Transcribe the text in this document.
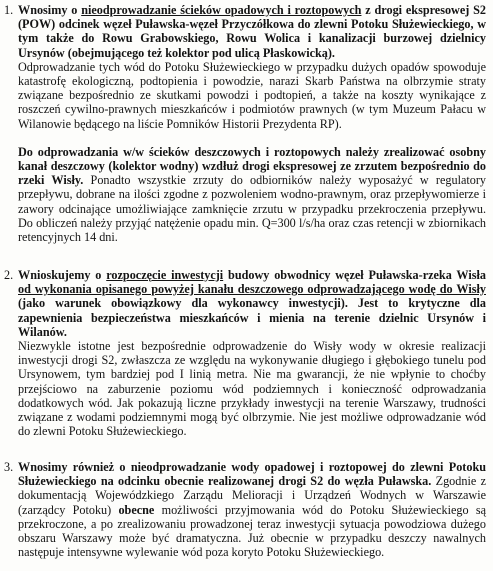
1. Wnosimy o nieodprowadzanie ścieków opadowych i roztopowych z drogi ekspresowej S2 (POW) odcinek węzeł Puławska-węzeł Przyczółkowa do zlewni Potoku Służewieckiego, w tym także do Rowu Grabowskiego, Rowu Wolica i kanalizacji burzowej dzielnicy Ursynów (obejmującego też kolektor pod ulicą Płaskowicką).
Odprowadzanie tych wód do Potoku Służewieckiego w przypadku dużych opadów spowoduje katastrofę ekologiczną, podtopienia i powodzie, narazi Skarb Państwa na olbrzymie straty związane bezpośrednio ze skutkami powodzi i podtopień, a także na koszty wynikające z roszczeń cywilno-prawnych mieszkańców i podmiotów prawnych (w tym Muzeum Pałacu w Wilanowie będącego na liście Pomników Historii Prezydenta RP).
Do odprowadzania w/w ścieków deszczowych i roztopowych należy zrealizować osobny kanał deszczowy (kolektor wodny) wzdłuż drogi ekspresowej ze zrzutem bezpośrednio do rzeki Wisły. Ponadto wszystkie zrzuty do odbiorników należy wyposażyć w regulatory przepływu, dobrane na ilości zgodne z pozwoleniem wodno-prawnym, oraz przepływomierze i zawory odcinające umożliwiające zamknięcie zrzutu w przypadku przekroczenia przepływu. Do obliczeń należy przyjąć natężenie opadu min. Q=300 l/s/ha oraz czas retencji w zbiornikach retencyjnych 14 dni.
2. Wnioskujemy o rozpoczęcie inwestycji budowy obwodnicy węzeł Puławska-rzeka Wisła od wykonania opisanego powyżej kanału deszczowego odprowadzającego wodę do Wisły (jako warunek obowiązkowy dla wykonawcy inwestycji). Jest to krytyczne dla zapewnienia bezpieczeństwa mieszkańców i mienia na terenie dzielnic Ursynów i Wilanów.
Niezwykle istotne jest bezpośrednie odprowadzenie do Wisły wody w okresie realizacji inwestycji drogi S2, zwłaszcza ze względu na wykonywanie długiego i głębokiego tunelu pod Ursynowem, tym bardziej pod I linią metra. Nie ma gwarancji, że nie wpłynie to choćby przejściowo na zaburzenie poziomu wód podziemnych i konieczność odprowadzania dodatkowych wód. Jak pokazują liczne przykłady inwestycji na terenie Warszawy, trudności związane z wodami podziemnymi mogą być olbrzymie. Nie jest możliwe odprowadzanie wód do zlewni Potoku Służewieckiego.
3. Wnosimy również o nieodprowadzanie wody opadowej i roztopowej do zlewni Potoku Służewieckiego na odcinku obecnie realizowanej drogi S2 do węzła Puławska. Zgodnie z dokumentacją Wojewódzkiego Zarządu Melioracji i Urządzeń Wodnych w Warszawie (zarządcy Potoku) obecne możliwości przyjmowania wód do Potoku Służewieckiego są przekroczone, a po zrealizowaniu prowadzonej teraz inwestycji sytuacja powodziowa dużego obszaru Warszawy może być dramatyczna. Już obecnie w przypadku deszczy nawalnych następuje intensywne wylewanie wód poza koryto Potoku Służewieckiego.
